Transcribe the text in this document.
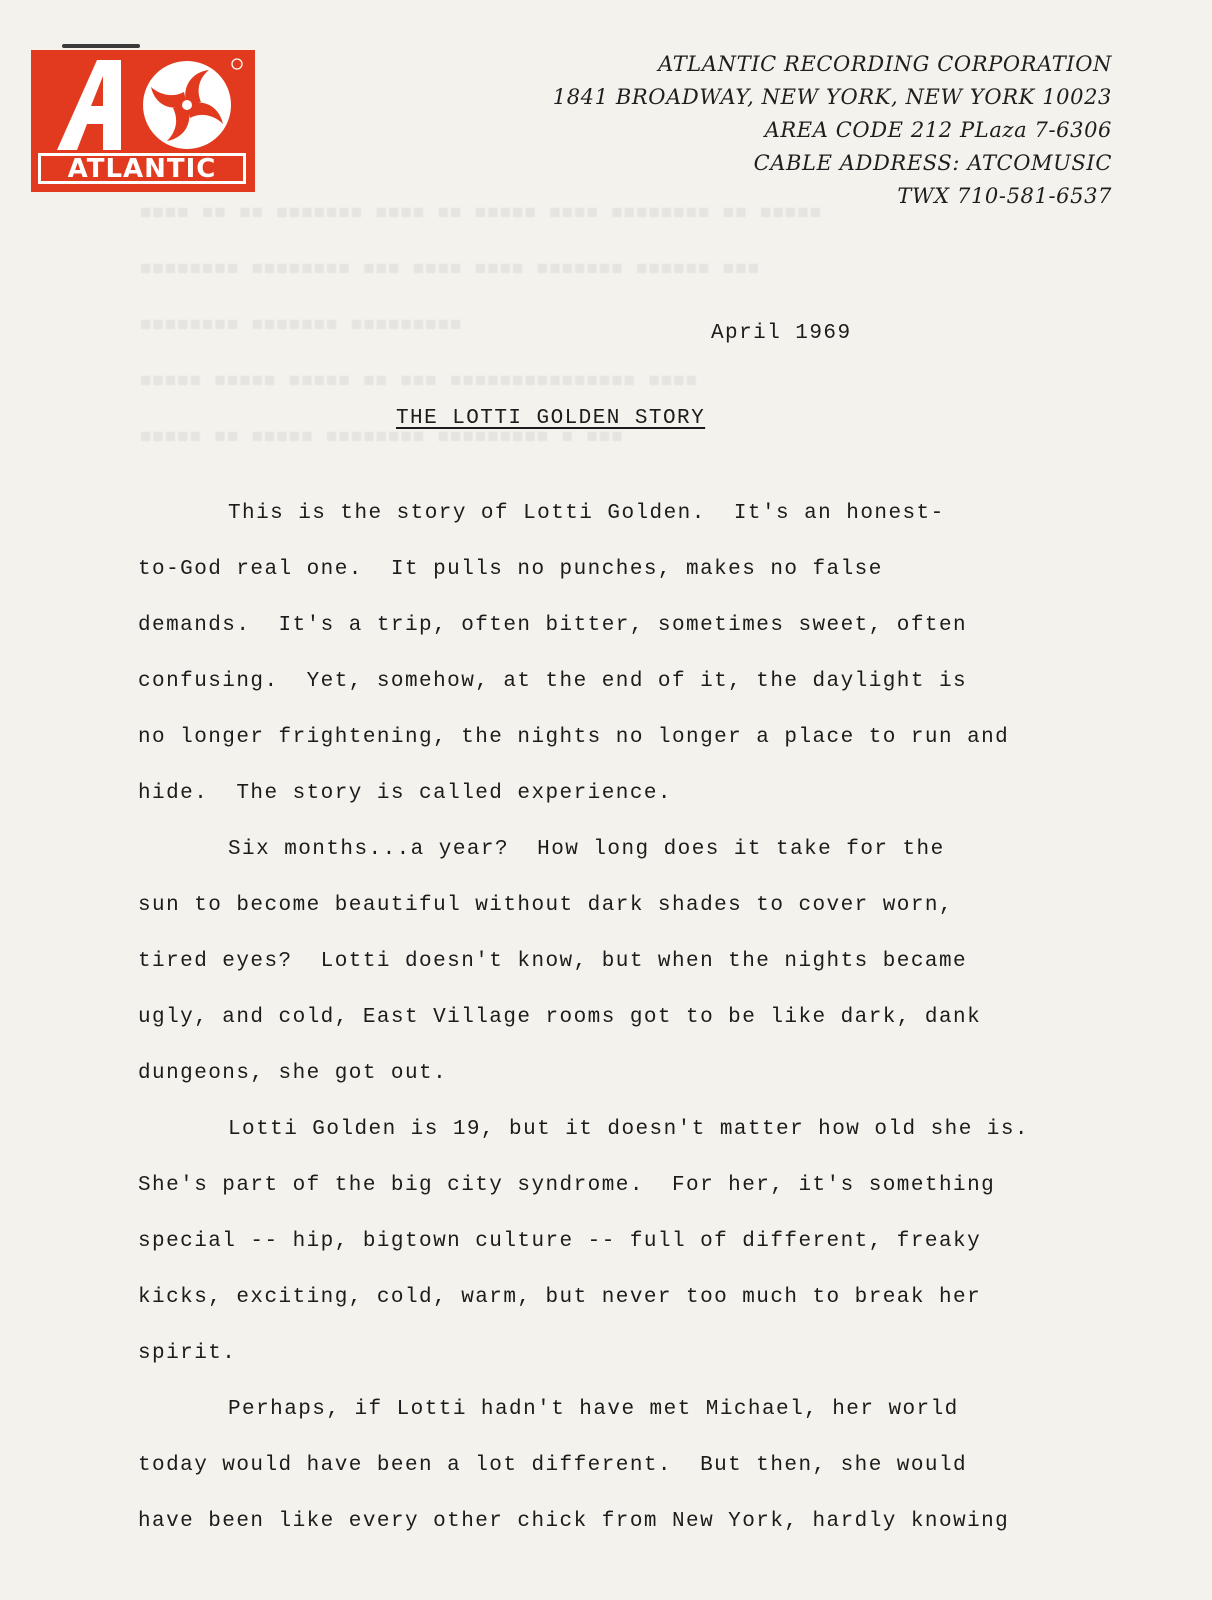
ATLANTIC
ATLANTIC RECORDING CORPORATION
1841 BROADWAY, NEW YORK, NEW YORK 10023
AREA CODE 212 PLaza 7-6306
CABLE ADDRESS: ATCOMUSIC
TWX 710-581-6537
■■■■ ■■ ■■ ■■■■■■■ ■■■■ ■■ ■■■■■ ■■■■ ■■■■■■■■ ■■ ■■■■■
■■■■■■■■ ■■■■■■■■ ■■■ ■■■■ ■■■■ ■■■■■■■ ■■■■■■ ■■■
■■■■■■■■ ■■■■■■■ ■■■■■■■■■
■■■■■ ■■■■■ ■■■■■ ■■ ■■■ ■■■■■■■■■■■■■■■ ■■■■
■■■■■ ■■ ■■■■■ ■■■■■■■■ ■■■■■■■■■ ■ ■■■
April 1969
THE LOTTI GOLDEN STORY
This is the story of Lotti Golden.  It's an honest-
to-God real one.  It pulls no punches, makes no false
demands.  It's a trip, often bitter, sometimes sweet, often
confusing.  Yet, somehow, at the end of it, the daylight is
no longer frightening, the nights no longer a place to run and
hide.  The story is called experience.
Six months...a year?  How long does it take for the
sun to become beautiful without dark shades to cover worn,
tired eyes?  Lotti doesn't know, but when the nights became
ugly, and cold, East Village rooms got to be like dark, dank
dungeons, she got out.
Lotti Golden is 19, but it doesn't matter how old she is.
She's part of the big city syndrome.  For her, it's something
special -- hip, bigtown culture -- full of different, freaky
kicks, exciting, cold, warm, but never too much to break her
spirit.
Perhaps, if Lotti hadn't have met Michael, her world
today would have been a lot different.  But then, she would
have been like every other chick from New York, hardly knowing
